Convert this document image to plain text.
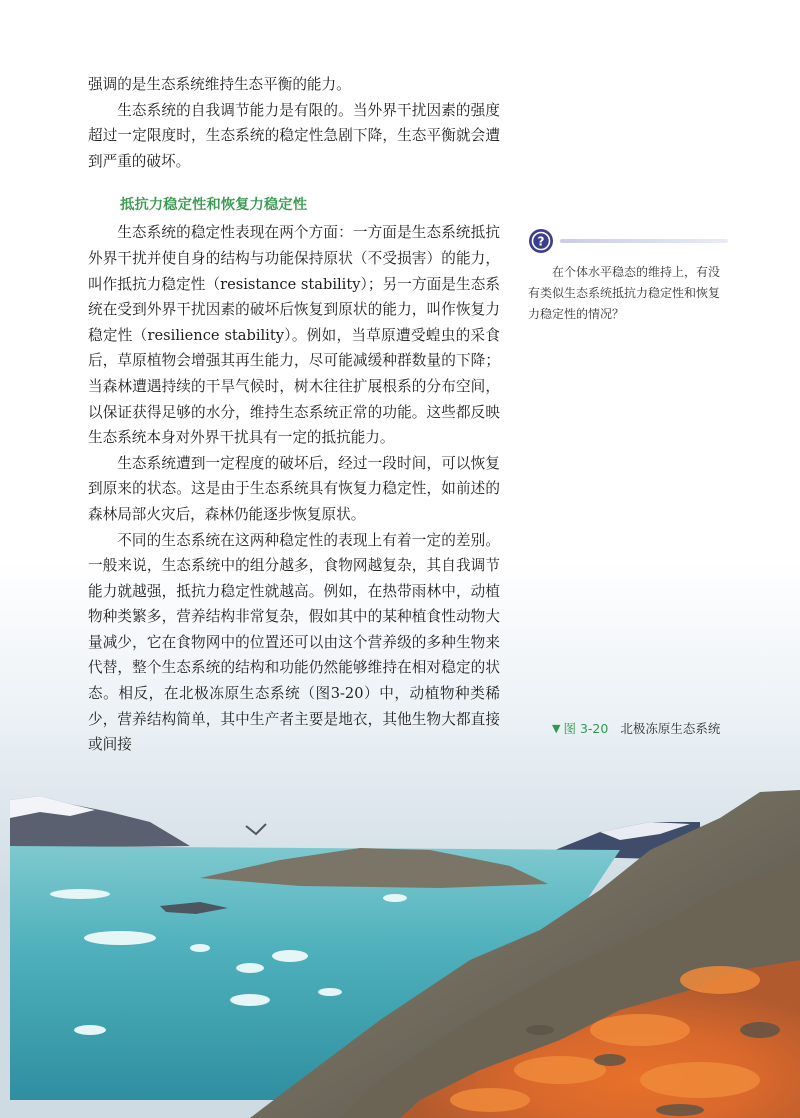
强调的是生态系统维持生态平衡的能力。

生态系统的自我调节能力是有限的。当外界干扰因素的强度超过一定限度时，生态系统的稳定性急剧下降，生态平衡就会遭到严重的破坏。

抵抗力稳定性和恢复力稳定性

生态系统的稳定性表现在两个方面：一方面是生态系统抵抗外界干扰并使自身的结构与功能保持原状（不受损害）的能力，叫作抵抗力稳定性（resistance stability）；另一方面是生态系统在受到外界干扰因素的破坏后恢复到原状的能力，叫作恢复力稳定性（resilience stability）。例如，当草原遭受蝗虫的采食后，草原植物会增强其再生能力，尽可能减缓种群数量的下降；当森林遭遇持续的干旱气候时，树木往往扩展根系的分布空间，以保证获得足够的水分，维持生态系统正常的功能。这些都反映生态系统本身对外界干扰具有一定的抵抗能力。

生态系统遭到一定程度的破坏后，经过一段时间，可以恢复到原来的状态。这是由于生态系统具有恢复力稳定性，如前述的森林局部火灾后，森林仍能逐步恢复原状。

不同的生态系统在这两种稳定性的表现上有着一定的差别。一般来说，生态系统中的组分越多，食物网越复杂，其自我调节能力就越强，抵抗力稳定性就越高。例如，在热带雨林中，动植物种类繁多，营养结构非常复杂，假如其中的某种植食性动物大量减少，它在食物网中的位置还可以由这个营养级的多种生物来代替，整个生态系统的结构和功能仍然能够维持在相对稳定的状态。相反，在北极冻原生态系统（图3-20）中，动植物种类稀少，营养结构简单，其中生产者主要是地衣，其他生物大都直接或间接

?

在个体水平稳态的维持上，有没有类似生态系统抵抗力稳定性和恢复力稳定性的情况？

▼ 图 3-20 北极冻原生态系统
